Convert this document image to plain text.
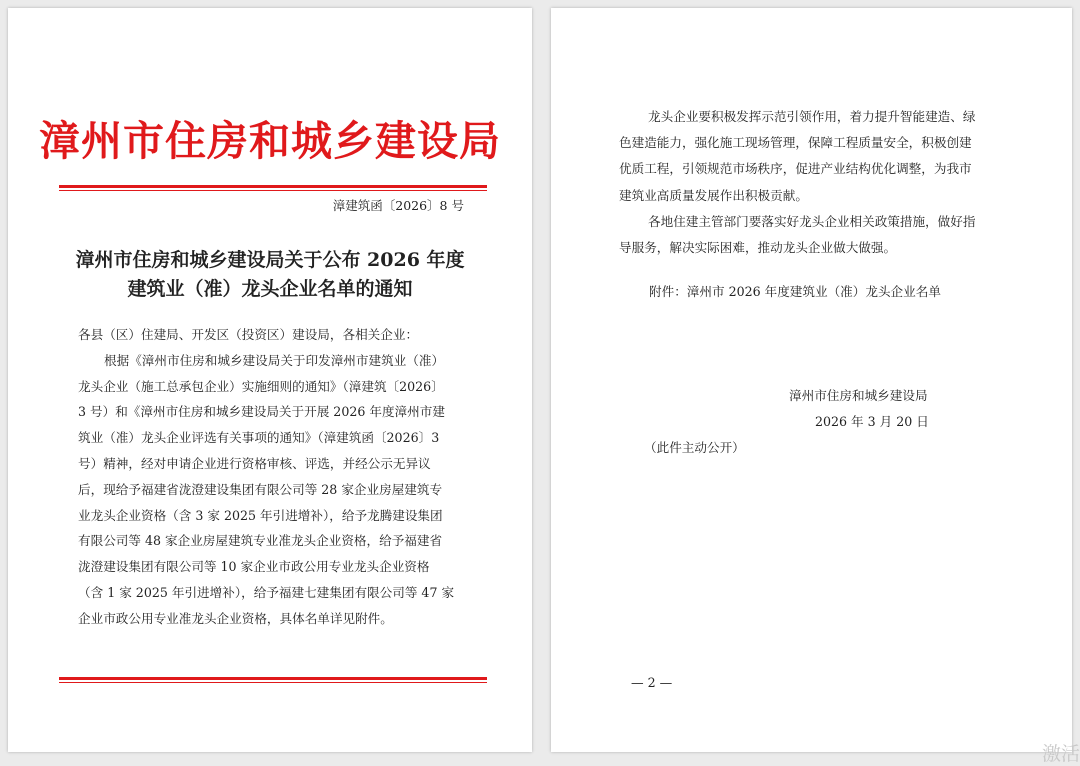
漳州市住房和城乡建设局
漳建筑函〔2026〕8 号
漳州市住房和城乡建设局关于公布 2026 年度
建筑业（准）龙头企业名单的通知
各县（区）住建局、开发区（投资区）建设局，各相关企业：
根据《漳州市住房和城乡建设局关于印发漳州市建筑业（准）
龙头企业（施工总承包企业）实施细则的通知》（漳建筑〔2026〕
3 号）和《漳州市住房和城乡建设局关于开展 2026 年度漳州市建
筑业（准）龙头企业评选有关事项的通知》（漳建筑函〔2026〕3
号）精神，经对申请企业进行资格审核、评选，并经公示无异议
后，现给予福建省泷澄建设集团有限公司等 28 家企业房屋建筑专
业龙头企业资格（含 3 家 2025 年引进增补），给予龙腾建设集团
有限公司等 48 家企业房屋建筑专业准龙头企业资格，给予福建省
泷澄建设集团有限公司等 10 家企业市政公用专业龙头企业资格
（含 1 家 2025 年引进增补），给予福建七建集团有限公司等 47 家
企业市政公用专业准龙头企业资格，具体名单详见附件。
龙头企业要积极发挥示范引领作用，着力提升智能建造、绿
色建造能力，强化施工现场管理，保障工程质量安全，积极创建
优质工程，引领规范市场秩序，促进产业结构优化调整，为我市
建筑业高质量发展作出积极贡献。
各地住建主管部门要落实好龙头企业相关政策措施，做好指
导服务，解决实际困难，推动龙头企业做大做强。
附件：漳州市 2026 年度建筑业（准）龙头企业名单
漳州市住房和城乡建设局
2026 年 3 月 20 日
（此件主动公开）
— 2 —
激活
